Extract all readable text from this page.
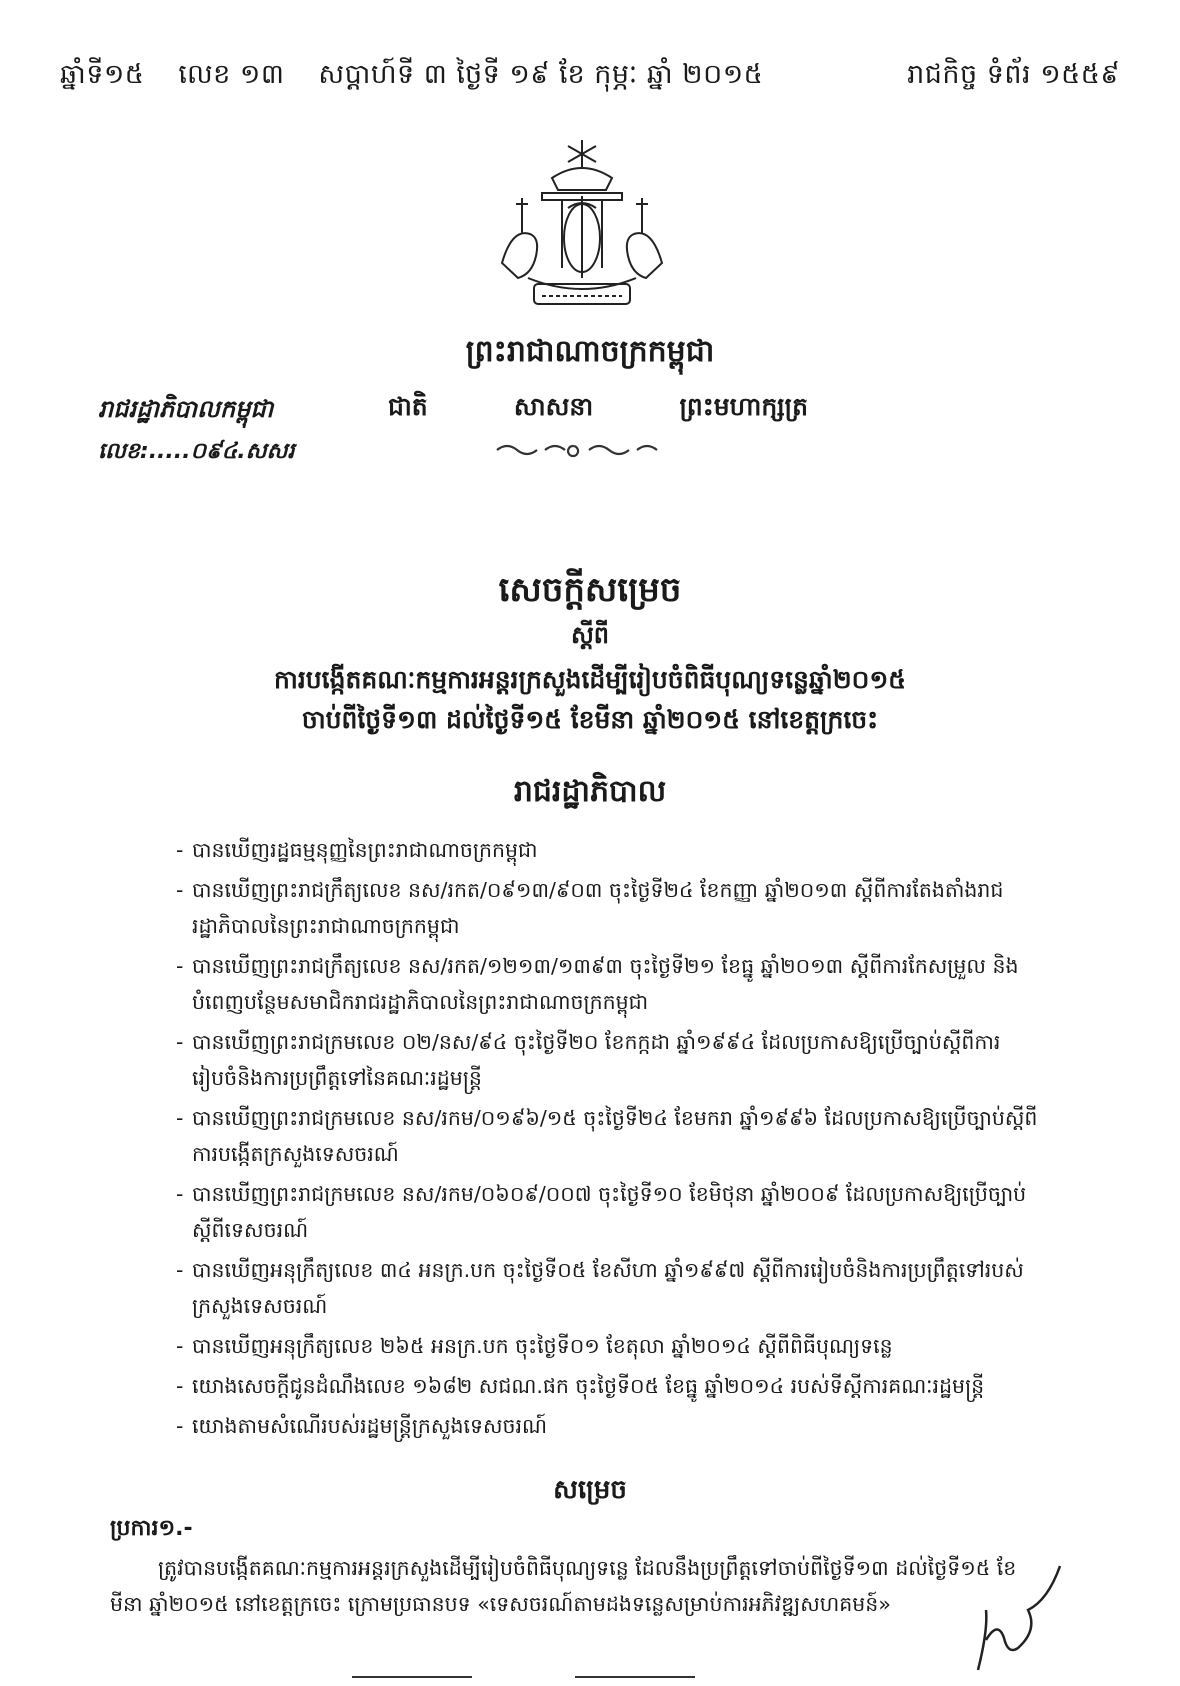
ឆ្នាំទី១៥ លេខ ១៣ សប្តាហ៍ទី ៣ ថ្ងៃទី ១៩ ខែ កុម្ភៈ ឆ្នាំ ២០១៥	រាជកិច្ច ទំព័រ ១៥៥៩
ព្រះរាជាណាចក្រកម្ពុជា
ជាតិ	សាសនា	ព្រះមហាក្សត្រ
រាជរដ្ឋាភិបាលកម្ពុជា
លេខ:.....០៩៤.សសរ
សេចក្តីសម្រេច
ស្តីពី
ការបង្កើតគណៈកម្មការអន្តរក្រសួងដើម្បីរៀបចំពិធីបុណ្យទន្លេឆ្នាំ២០១៥
ចាប់ពីថ្ងៃទី១៣ ដល់ថ្ងៃទី១៥ ខែមីនា ឆ្នាំ២០១៥ នៅខេត្តក្រចេះ
រាជរដ្ឋាភិបាល
- បានឃើញរដ្ឋធម្មនុញ្ញនៃព្រះរាជាណាចក្រកម្ពុជា
- បានឃើញព្រះរាជក្រឹត្យលេខ នស/រកត/០៩១៣/៩០៣ ចុះថ្ងៃទី២៤ ខែកញ្ញា ឆ្នាំ២០១៣ ស្តីពីការតែងតាំងរាជរដ្ឋាភិបាលនៃព្រះរាជាណាចក្រកម្ពុជា
- បានឃើញព្រះរាជក្រឹត្យលេខ នស/រកត/១២១៣/១៣៩៣ ចុះថ្ងៃទី២១ ខែធ្នូ ឆ្នាំ២០១៣ ស្តីពីការកែសម្រួល និងបំពេញបន្ថែមសមាជិករាជរដ្ឋាភិបាលនៃព្រះរាជាណាចក្រកម្ពុជា
- បានឃើញព្រះរាជក្រមលេខ ០២/នស/៩៤ ចុះថ្ងៃទី២០ ខែកក្កដា ឆ្នាំ១៩៩៤ ដែលប្រកាសឱ្យប្រើច្បាប់ស្តីពីការរៀបចំនិងការប្រព្រឹត្តទៅនៃគណៈរដ្ឋមន្ត្រី
- បានឃើញព្រះរាជក្រមលេខ នស/រកម/០១៩៦/១៥ ចុះថ្ងៃទី២៤ ខែមករា ឆ្នាំ១៩៩៦ ដែលប្រកាសឱ្យប្រើច្បាប់ស្តីពីការបង្កើតក្រសួងទេសចរណ៍
- បានឃើញព្រះរាជក្រមលេខ នស/រកម/០៦០៩/០០៧ ចុះថ្ងៃទី១០ ខែមិថុនា ឆ្នាំ២០០៩ ដែលប្រកាសឱ្យប្រើច្បាប់ស្តីពីទេសចរណ៍
- បានឃើញអនុក្រឹត្យលេខ ៣៤ អនក្រ.បក ចុះថ្ងៃទី០៥ ខែសីហា ឆ្នាំ១៩៩៧ ស្តីពីការរៀបចំនិងការប្រព្រឹត្តទៅរបស់ក្រសួងទេសចរណ៍
- បានឃើញអនុក្រឹត្យលេខ ២៦៥ អនក្រ.បក ចុះថ្ងៃទី០១ ខែតុលា ឆ្នាំ២០១៤ ស្តីពីពិធីបុណ្យទន្លេ
- យោងសេចក្តីជូនដំណឹងលេខ ១៦៨២ សជណ.ផក ចុះថ្ងៃទី០៥ ខែធ្នូ ឆ្នាំ២០១៤ របស់ទីស្តីការគណៈរដ្ឋមន្ត្រី
- យោងតាមសំណើរបស់រដ្ឋមន្ត្រីក្រសួងទេសចរណ៍
សម្រេច
ប្រការ១.-
ត្រូវបានបង្កើតគណៈកម្មការអន្តរក្រសួងដើម្បីរៀបចំពិធីបុណ្យទន្លេ ដែលនឹងប្រព្រឹត្តទៅចាប់ពីថ្ងៃទី១៣ ដល់ថ្ងៃទី១៥ ខែមីនា ឆ្នាំ២០១៥ នៅខេត្តក្រចេះ ក្រោមប្រធានបទ «ទេសចរណ៍តាមដងទន្លេសម្រាប់ការអភិវឌ្ឍសហគមន៍»
